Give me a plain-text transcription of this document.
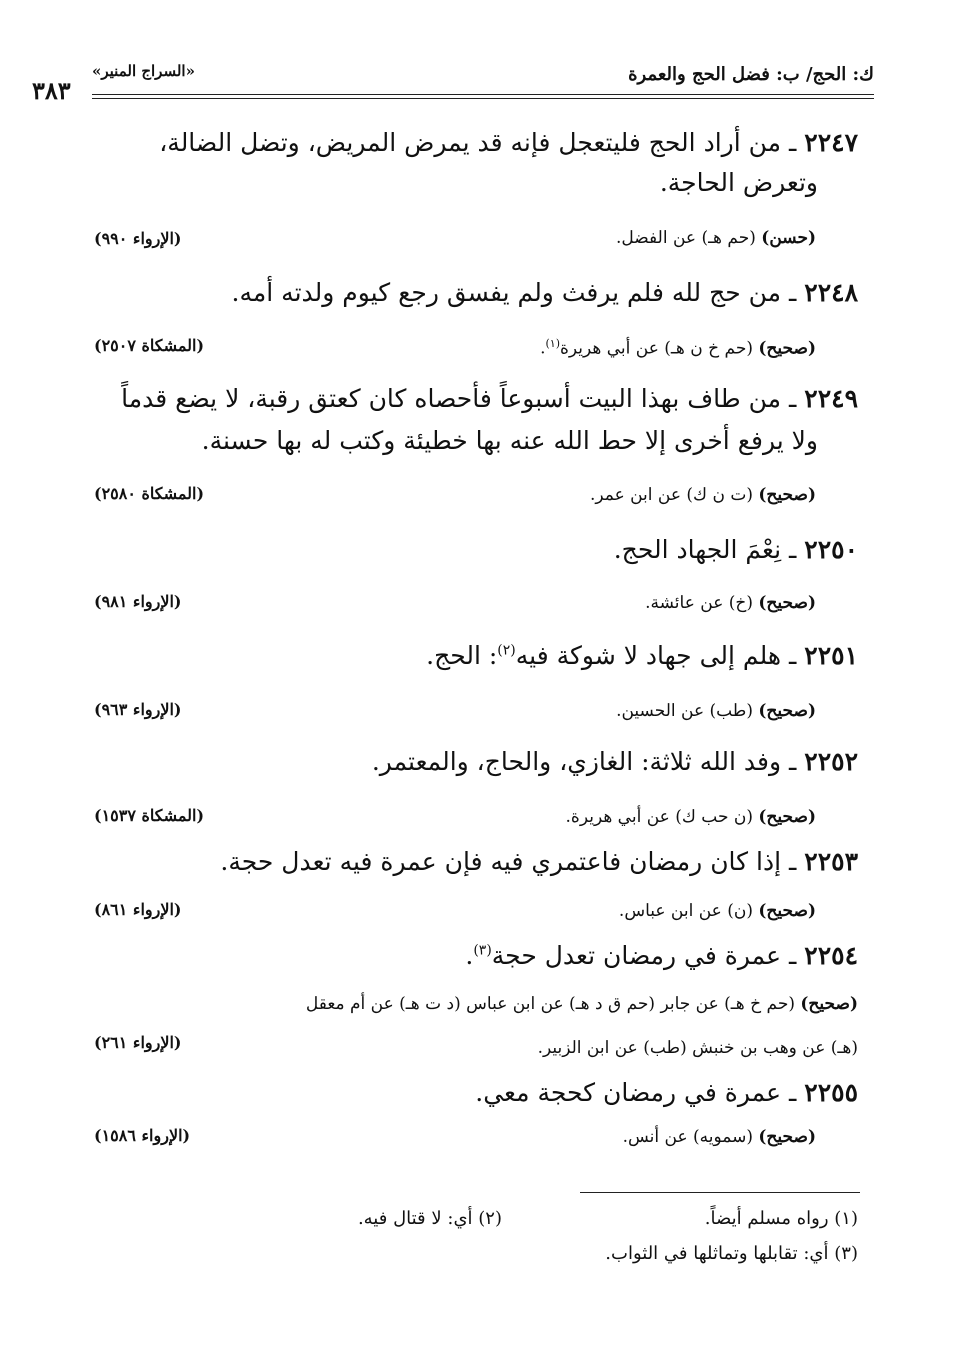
ك: الحج/ ب: فضل الحج والعمرة
«السراج المنير»
٣٨٣
٢٢٤٧ ـ من أراد الحج فليتعجل فإنه قد يمرض المريض، وتضل الضالة،
وتعرض الحاجة.
(حسن) (حم هـ) عن الفضل.
(الإرواء ٩٩٠)
٢٢٤٨ ـ من حج لله فلم يرفث ولم يفسق رجع كيوم ولدته أمه.
(صحيح) (حم خ ن هـ) عن أبي هريرة$^{(١)}$.
(المشكاة ٢٥٠٧)
٢٢٤٩ ـ من طاف بهذا البيت أسبوعاً فأحصاه كان كعتق رقبة، لا يضع قدماً
ولا يرفع أخرى إلا حط الله عنه بها خطيئة وكتب له بها حسنة.
(صحيح) (ت ن ك) عن ابن عمر.
(المشكاة ٢٥٨٠)
٢٢٥٠ ـ نِعْمَ الجهاد الحج.
(صحيح) (خ) عن عائشة.
(الإرواء ٩٨١)
٢٢٥١ ـ هلم إلى جهاد لا شوكة فيه$^{(٢)}$: الحج.
(صحيح) (طب) عن الحسين.
(الإرواء ٩٦٣)
٢٢٥٢ ـ وفد الله ثلاثة: الغازي، والحاج، والمعتمر.
(صحيح) (ن حب ك) عن أبي هريرة.
(المشكاة ١٥٣٧)
٢٢٥٣ ـ إذا كان رمضان فاعتمري فيه فإن عمرة فيه تعدل حجة.
(صحيح) (ن) عن ابن عباس.
(الإرواء ٨٦١)
٢٢٥٤ ـ عمرة في رمضان تعدل حجة$^{(٣)}$.
(صحيح) (حم خ هـ) عن جابر (حم ق د هـ) عن ابن عباس (د ت هـ) عن أم معقل
(هـ) عن وهب بن خنبش (طب) عن ابن الزبير.
(الإرواء ٢٦١)
٢٢٥٥ ـ عمرة في رمضان كحجة معي.
(صحيح) (سمويه) عن أنس.
(الإرواء ١٥٨٦)
(١) رواه مسلم أيضاً.
(٢) أي: لا قتال فيه.
(٣) أي: تقابلها وتماثلها في الثواب.
